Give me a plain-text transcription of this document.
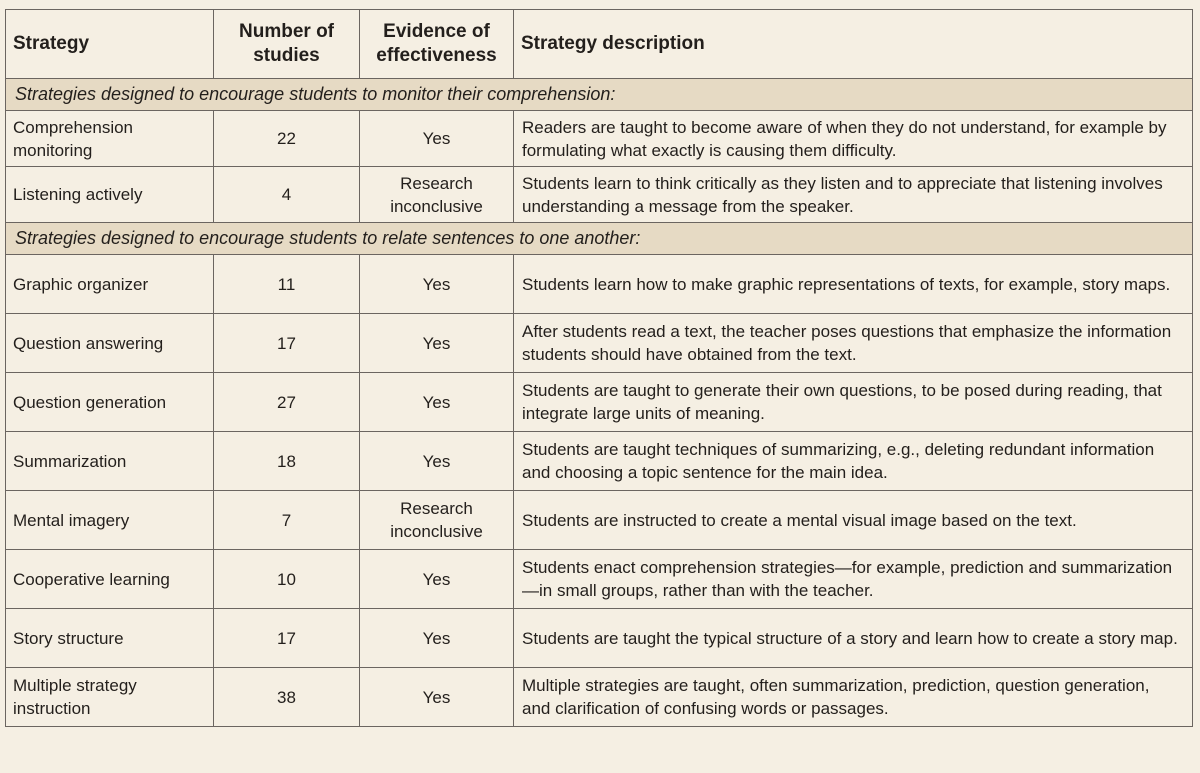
Strategy	Number of studies	Evidence of effectiveness	Strategy description
Strategies designed to encourage students to monitor their comprehension:			
Comprehension monitoring	22	Yes	Readers are taught to become aware of when they do not understand, for example by formulating what exactly is causing them difficulty.
Listening actively	4	Research inconclusive	Students learn to think critically as they listen and to appreciate that listening involves understanding a message from the speaker.
Strategies designed to encourage students to relate sentences to one another:			
Graphic organizer	11	Yes	Students learn how to make graphic representations of texts, for example, story maps.
Question answering	17	Yes	After students read a text, the teacher poses questions that emphasize the information students should have obtained from the text.
Question generation	27	Yes	Students are taught to generate their own questions, to be posed during reading, that integrate large units of meaning.
Summarization	18	Yes	Students are taught techniques of summarizing, e.g., deleting redundant information and choosing a topic sentence for the main idea.
Mental imagery	7	Research inconclusive	Students are instructed to create a mental visual image based on the text.
Cooperative learning	10	Yes	Students enact comprehension strategies—for example, prediction and summarization—in small groups, rather than with the teacher.
Story structure	17	Yes	Students are taught the typical structure of a story and learn how to create a story map.
Multiple strategy instruction	38	Yes	Multiple strategies are taught, often summarization, prediction, question generation, and clarification of confusing words or passages.
